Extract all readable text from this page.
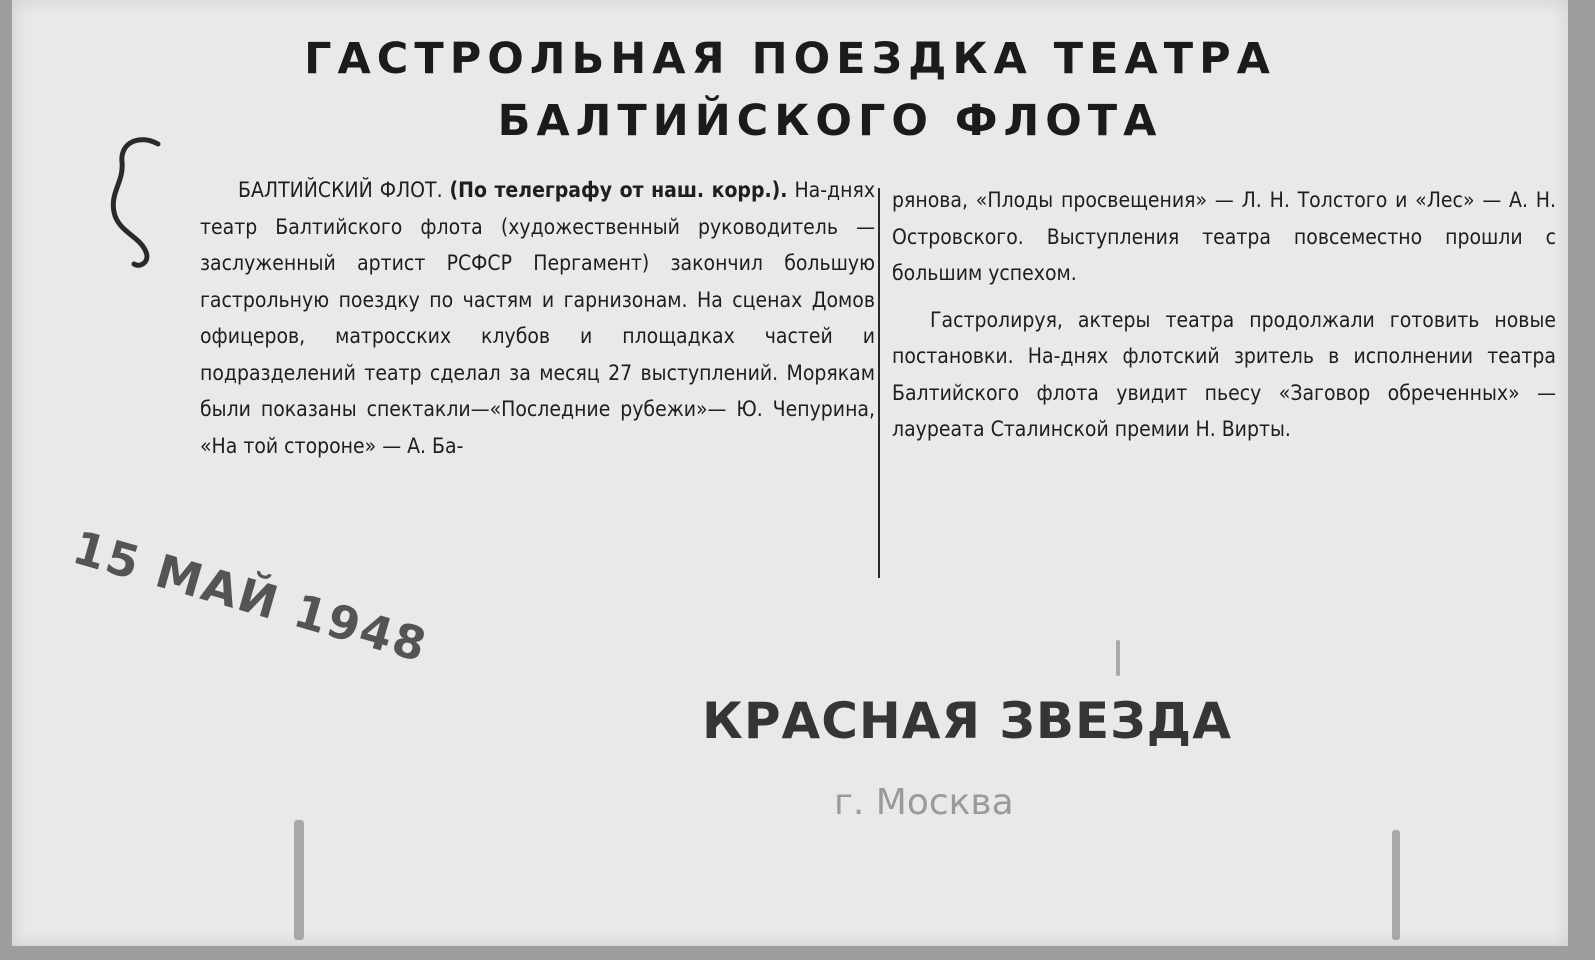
ГАСТРОЛЬНАЯ ПОЕЗДКА ТЕАТРА
БАЛТИЙСКОГО ФЛОТА

БАЛТИЙСКИЙ ФЛОТ. (По телеграфу от наш. корр.). На-днях театр Балтийского флота (художественный руководитель — заслуженный артист РСФСР Пергамент) закончил большую гастрольную поездку по частям и гарнизонам. На сценах Домов офицеров, матросских клубов и площадках частей и подразделений театр сделал за месяц 27 выступлений. Морякам были показаны спектакли—«Последние рубежи»— Ю. Чепурина, «На той стороне» — А. Ба-

рянова, «Плоды просвещения» — Л. Н. Толстого и «Лес» — А. Н. Островского. Выступления театра повсеместно прошли с большим успехом.

Гастролируя, актеры театра продолжали готовить новые постановки. На-днях флотский зритель в исполнении театра Балтийского флота увидит пьесу «Заговор обреченных» — лауреата Сталинской премии Н. Вирты.

15 МАЙ 1948
КРАСНАЯ ЗВЕЗДА
г. Москва
